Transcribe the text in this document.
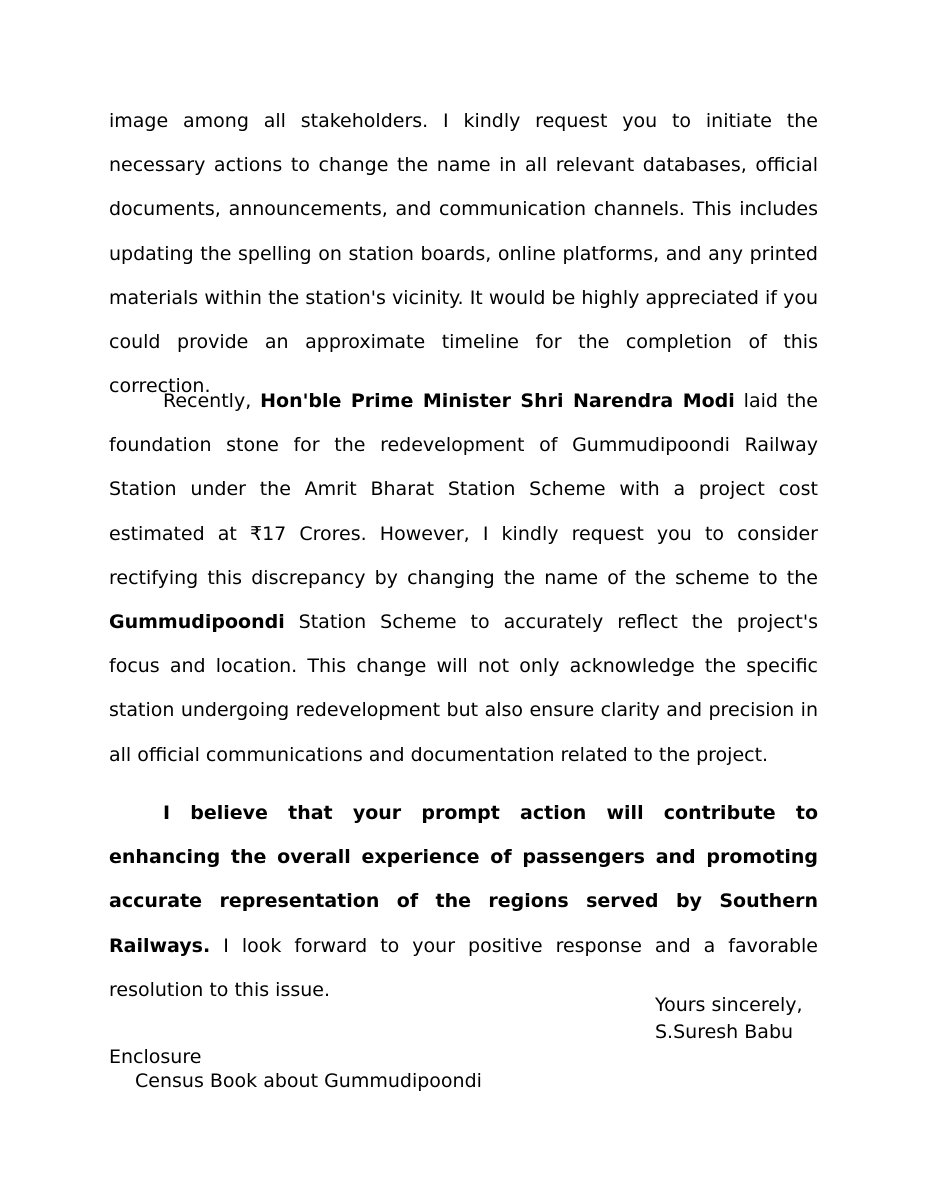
image among all stakeholders. I kindly request you to initiate the necessary actions to change the name in all relevant databases, official documents, announcements, and communication channels. This includes updating the spelling on station boards, online platforms, and any printed materials within the station's vicinity. It would be highly appreciated if you could provide an approximate timeline for the completion of this correction.

Recently, Hon'ble Prime Minister Shri Narendra Modi laid the foundation stone for the redevelopment of Gummudipoondi Railway Station under the Amrit Bharat Station Scheme with a project cost estimated at ₹17 Crores. However, I kindly request you to consider rectifying this discrepancy by changing the name of the scheme to the Gummudipoondi Station Scheme to accurately reflect the project's focus and location. This change will not only acknowledge the specific station undergoing redevelopment but also ensure clarity and precision in all official communications and documentation related to the project.

I believe that your prompt action will contribute to enhancing the overall experience of passengers and promoting accurate representation of the regions served by Southern Railways. I look forward to your positive response and a favorable resolution to this issue.

Yours sincerely,
S.Suresh Babu
Enclosure
Census Book about Gummudipoondi
